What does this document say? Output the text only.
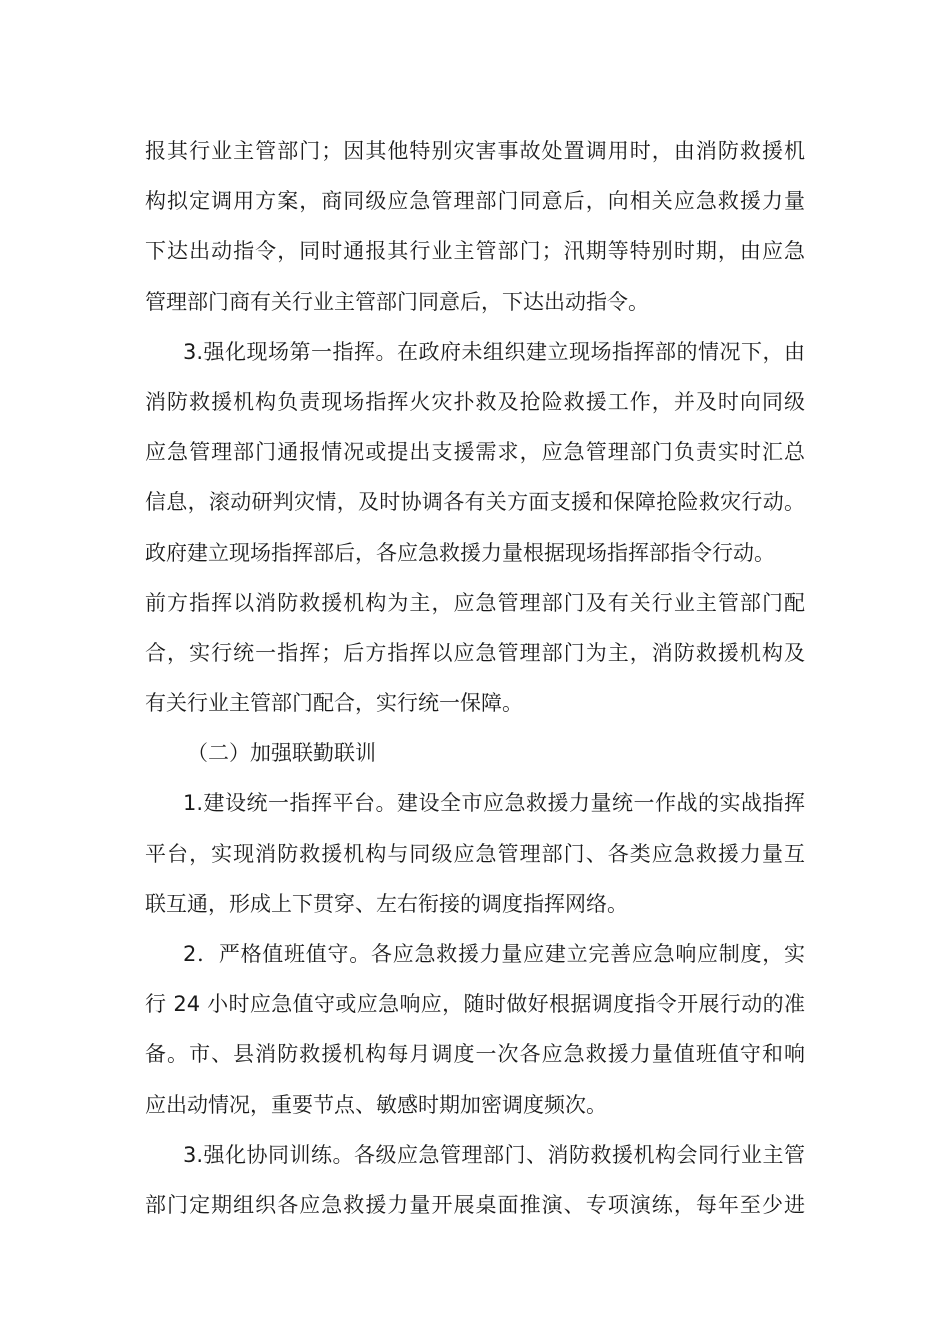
报其行业主管部门；因其他特别灾害事故处置调用时，由消防救援机
构拟定调用方案，商同级应急管理部门同意后，向相关应急救援力量
下达出动指令，同时通报其行业主管部门；汛期等特别时期，由应急
管理部门商有关行业主管部门同意后，下达出动指令。
3.强化现场第一指挥。在政府未组织建立现场指挥部的情况下，由
消防救援机构负责现场指挥火灾扑救及抢险救援工作，并及时向同级
应急管理部门通报情况或提出支援需求，应急管理部门负责实时汇总
信息，滚动研判灾情，及时协调各有关方面支援和保障抢险救灾行动。
政府建立现场指挥部后，各应急救援力量根据现场指挥部指令行动。
前方指挥以消防救援机构为主，应急管理部门及有关行业主管部门配
合，实行统一指挥；后方指挥以应急管理部门为主，消防救援机构及
有关行业主管部门配合，实行统一保障。
（二）加强联勤联训
1.建设统一指挥平台。建设全市应急救援力量统一作战的实战指挥
平台，实现消防救援机构与同级应急管理部门、各类应急救援力量互
联互通，形成上下贯穿、左右衔接的调度指挥网络。
2．严格值班值守。各应急救援力量应建立完善应急响应制度，实
行 24 小时应急值守或应急响应，随时做好根据调度指令开展行动的准
备。市、县消防救援机构每月调度一次各应急救援力量值班值守和响
应出动情况，重要节点、敏感时期加密调度频次。
3.强化协同训练。各级应急管理部门、消防救援机构会同行业主管
部门定期组织各应急救援力量开展桌面推演、专项演练，每年至少进
